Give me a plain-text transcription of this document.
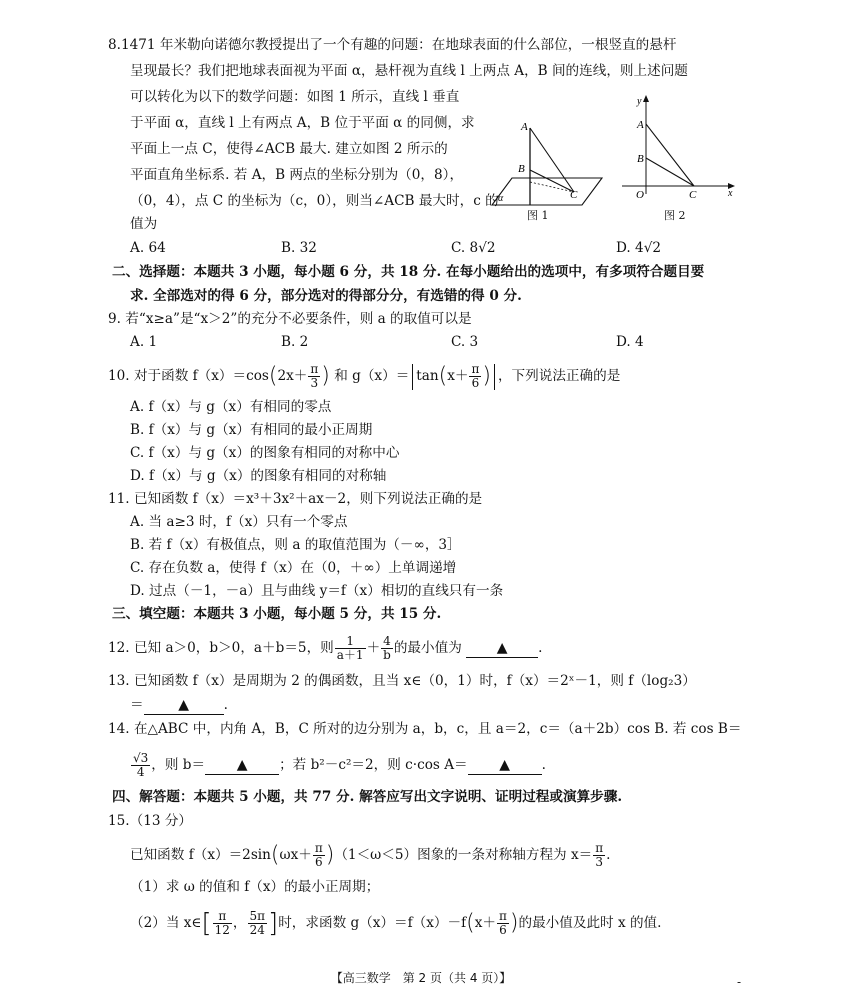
8.1471 年米勒向诺德尔教授提出了一个有趣的问题：在地球表面的什么部位，一根竖直的悬杆
呈现最长？我们把地球表面视为平面 α，悬杆视为直线 l 上两点 A，B 间的连线，则上述问题
可以转化为以下的数学问题：如图 1 所示，直线 l 垂直
于平面 α，直线 l 上有两点 A，B 位于平面 α 的同侧，求
平面上一点 C，使得∠ACB 最大. 建立如图 2 所示的
平面直角坐标系. 若 A，B 两点的坐标分别为（0，8），
（0，4），点 C 的坐标为（c，0），则当∠ACB 最大时，c 的
值为
A
B
C
α
图 1
y
A
B
O	C	x
图 2
A. 64	B. 32	C. 8√2	D. 4√2
二、选择题：本题共 3 小题，每小题 6 分，共 18 分. 在每小题给出的选项中，有多项符合题目要
求. 全部选对的得 6 分，部分选对的得部分分，有选错的得 0 分.
9. 若“x≥a”是“x＞2”的充分不必要条件，则 a 的取值可以是
A. 1	B. 2	C. 3	D. 4
10. 对于函数 $f(x)=\cos(2x+ \frac{\pi}{3}$ ) 和 $g(x)= \tan(x+ \frac{\pi}{6}$ ) ，下列说法正确的是
A. f（x）与 g（x）有相同的零点
B. f（x）与 g（x）有相同的最小正周期
C. f（x）与 g（x）的图象有相同的对称中心
D. f（x）与 g（x）的图象有相同的对称轴
11. 已知函数 f（x）＝x³＋3x²＋ax－2，则下列说法正确的是
A. 当 a≥3 时，f（x）只有一个零点
B. 若 f（x）有极值点，则 a 的取值范围为（－∞，3］
C. 存在负数 a，使得 f（x）在（0，＋∞）上单调递增
D. 过点（－1，－a）且与曲线 y＝f（x）相切的直线只有一条
三、填空题：本题共 3 小题，每小题 5 分，共 15 分.
12. 已知 a＞0，b＞0，a＋b＝5，则 $\frac{1}{a+1} + \frac{4}{b}$ 的最小值为 ▲ .
13. 已知函数 f（x）是周期为 2 的偶函数，且当 x∈（0，1）时，f（x）＝2ˣ－1，则 f（log₂3）
＝ ▲	.
14. 在△ABC 中，内角 A，B，C 所对的边分别为 a，b，c，且 a＝2，c＝（a＋2b）cos B. 若 cos B＝
$\frac{√3}{4}$ ，则 b＝ ▲ ；若 b²－c²＝2，则 c·cos A＝ ▲ .
四、解答题：本题共 5 小题，共 77 分. 解答应写出文字说明、证明过程或演算步骤.
15.（13 分）
已知函数 $f(x)=2\sin(\omega x+ \frac{\pi}{6} )(1<\omega<5)$图象的一条对称轴方程为 $x= \frac{\pi}{3}$ .
（1）求 ω 的值和 f（x）的最小正周期；
（2）当 x∈[ $\frac{\pi}{12}$ ， $\frac{5\pi}{24}$ ]时，求函数 $g(x)=f(x)-f(x+ \frac{\pi}{6}$ )的最小值及此时 x 的值.
【高三数学　第 2 页（共 4 页）】	-
